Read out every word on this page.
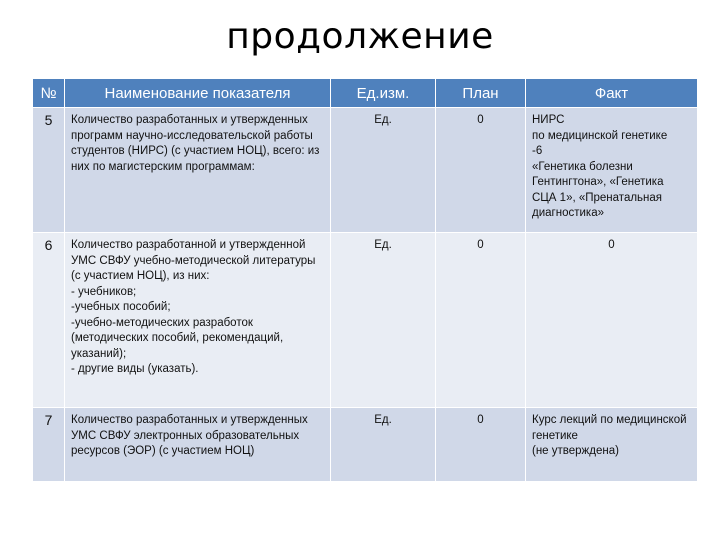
продолжение
№	Наименование показателя	Ед.изм.	План	Факт
5	Количество разработанных и утвержденных программ научно-исследовательской работы студентов (НИРС) (с участием НОЦ), всего: из них по магистерским программам:	Ед.	0	НИРС
по медицинской генетике
-6
«Генетика болезни Гентингтона», «Генетика СЦА 1», «Пренатальная диагностика»
6	Количество разработанной и утвержденной УМС СВФУ учебно-методической литературы (с участием НОЦ), из них:
- учебников;
-учебных пособий;
-учебно-методических разработок (методических пособий, рекомендаций, указаний);
- другие виды (указать).	Ед.	0	0
7	Количество разработанных и утвержденных УМС СВФУ электронных образовательных ресурсов (ЭОР) (с участием НОЦ)	Ед.	0	Курс лекций по медицинской генетике
(не утверждена)
